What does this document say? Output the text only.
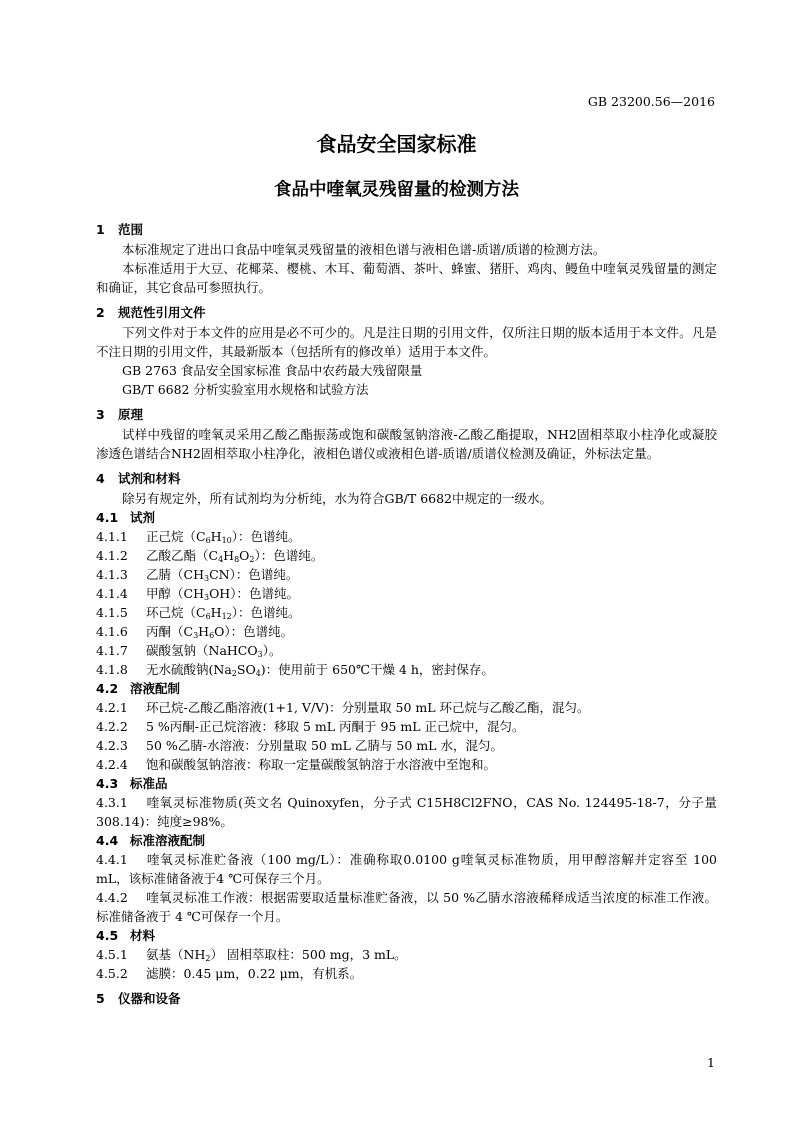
GB 23200.56—2016
食品安全国家标准
食品中喹氧灵残留量的检测方法
1 范围
本标准规定了进出口食品中喹氧灵残留量的液相色谱与液相色谱-质谱/质谱的检测方法。
本标准适用于大豆、花椰菜、樱桃、木耳、葡萄酒、茶叶、蜂蜜、猪肝、鸡肉、鳗鱼中喹氧灵残留量的测定和确证，其它食品可参照执行。
2 规范性引用文件
下列文件对于本文件的应用是必不可少的。凡是注日期的引用文件，仅所注日期的版本适用于本文件。凡是不注日期的引用文件，其最新版本（包括所有的修改单）适用于本文件。
GB 2763 食品安全国家标准 食品中农药最大残留限量
GB/T 6682 分析实验室用水规格和试验方法
3 原理
试样中残留的喹氧灵采用乙酸乙酯振荡或饱和碳酸氢钠溶液-乙酸乙酯提取，NH2固相萃取小柱净化或凝胶渗透色谱结合NH2固相萃取小柱净化，液相色谱仪或液相色谱-质谱/质谱仪检测及确证，外标法定量。
4 试剂和材料
除另有规定外，所有试剂均为分析纯，水为符合GB/T 6682中规定的一级水。
4.1 试剂
4.1.1 正己烷$(C_6H_{10})$：色谱纯。
4.1.2 乙酸乙酯$(C_4H_8O_2)$：色谱纯。
4.1.3 乙腈$(CH_3CN)$：色谱纯。
4.1.4 甲醇$(CH_3OH)$：色谱纯。
4.1.5 环己烷$(C_6H_{12})$：色谱纯。
4.1.6 丙酮$(C_3H_6O)$：色谱纯。
4.1.7 碳酸氢钠（NaHCO$_3$）。
4.1.8 无水硫酸钠$(Na_2SO_4)$：使用前于 650℃干燥 4 h，密封保存。
4.2 溶液配制
4.2.1 环己烷-乙酸乙酯溶液(1+1, V/V)：分别量取 50 mL 环己烷与乙酸乙酯，混匀。
4.2.2 5 %丙酮-正己烷溶液：移取 5 mL 丙酮于 95 mL 正己烷中，混匀。
4.2.3 50 %乙腈-水溶液：分别量取 50 mL 乙腈与 50 mL 水，混匀。
4.2.4 饱和碳酸氢钠溶液：称取一定量碳酸氢钠溶于水溶液中至饱和。
4.3 标准品
4.3.1 喹氧灵标准物质(英文名 Quinoxyfen，分子式 C15H8Cl2FNO，CAS No. 124495-18-7，分子量 308.14)：纯度≥98%。
4.4 标准溶液配制
4.4.1 喹氧灵标准贮备液（100 mg/L）：准确称取0.0100 g喹氧灵标准物质，用甲醇溶解并定容至 100 mL，该标准储备液于4 ℃可保存三个月。
4.4.2 喹氧灵标准工作液：根据需要取适量标准贮备液，以 50 %乙腈水溶液稀释成适当浓度的标准工作液。标准储备液于 4 ℃可保存一个月。
4.5 材料
4.5.1 氨基$(NH_2)$ 固相萃取柱：500 mg，3 mL。
4.5.2 滤膜：0.45 μm，0.22 μm，有机系。
5 仪器和设备
1
